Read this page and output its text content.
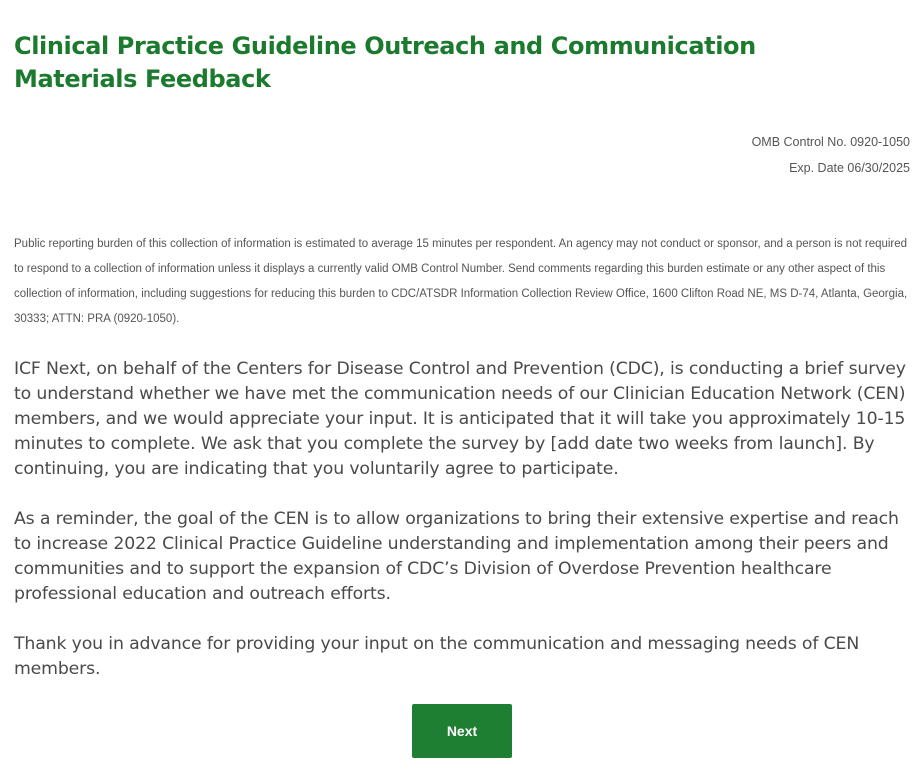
Clinical Practice Guideline Outreach and Communication Materials Feedback
OMB Control No. 0920-1050
Exp. Date 06/30/2025
Public reporting burden of this collection of information is estimated to average 15 minutes per respondent. An agency may not conduct or sponsor, and a person is not required to respond to a collection of information unless it displays a currently valid OMB Control Number. Send comments regarding this burden estimate or any other aspect of this collection of information, including suggestions for reducing this burden to CDC/ATSDR Information Collection Review Office, 1600 Clifton Road NE, MS D-74, Atlanta, Georgia, 30333; ATTN: PRA (0920-1050).

ICF Next, on behalf of the Centers for Disease Control and Prevention (CDC), is conducting a brief survey to understand whether we have met the communication needs of our Clinician Education Network (CEN) members, and we would appreciate your input. It is anticipated that it will take you approximately 10-15 minutes to complete. We ask that you complete the survey by [add date two weeks from launch]. By continuing, you are indicating that you voluntarily agree to participate.

As a reminder, the goal of the CEN is to allow organizations to bring their extensive expertise and reach to increase 2022 Clinical Practice Guideline understanding and implementation among their peers and communities and to support the expansion of CDC’s Division of Overdose Prevention healthcare professional education and outreach efforts.

Thank you in advance for providing your input on the communication and messaging needs of CEN members.

Next
